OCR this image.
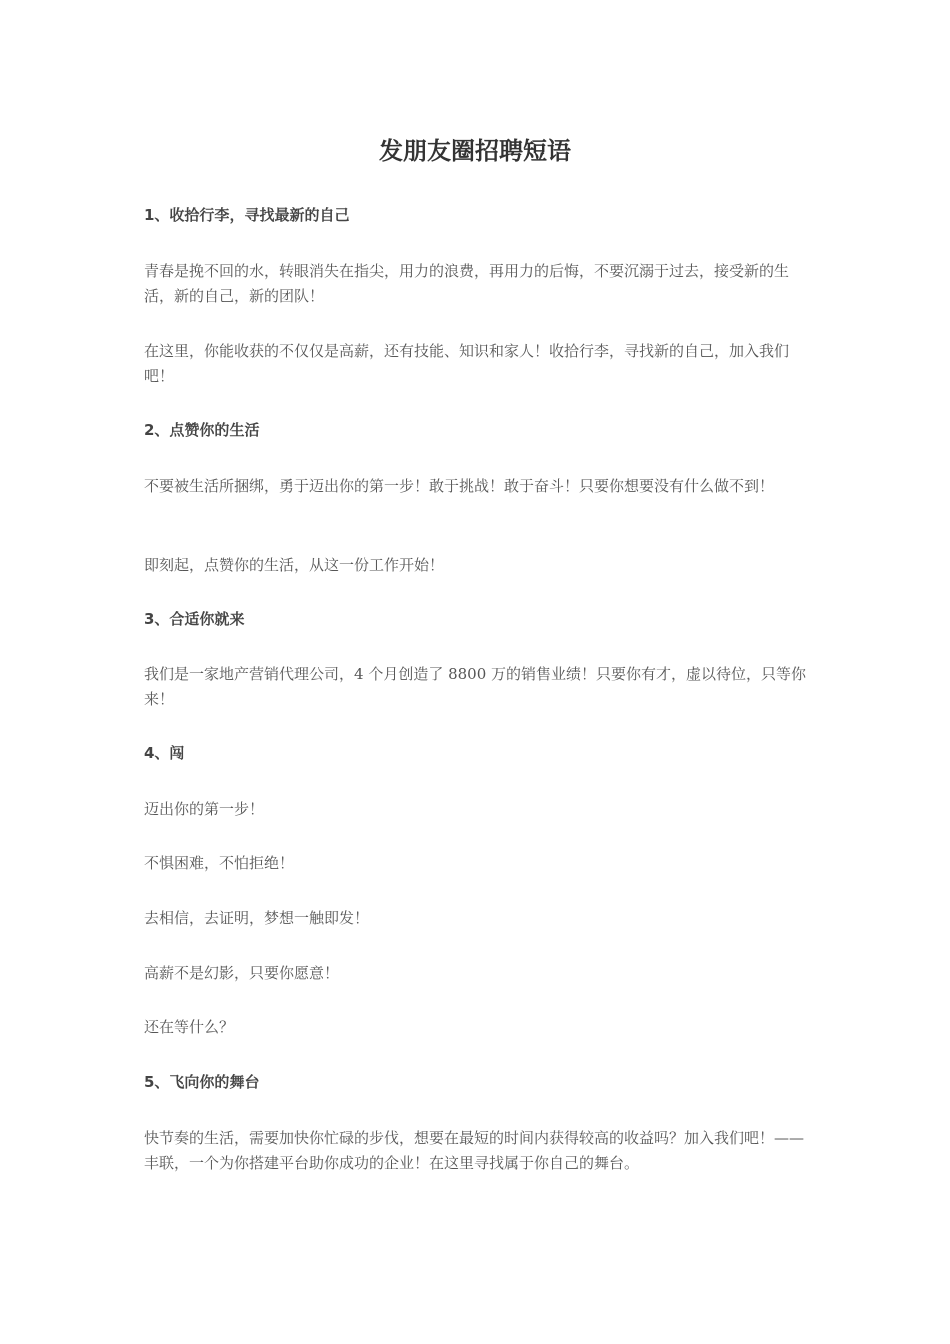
发朋友圈招聘短语
1、收拾行李，寻找最新的自己

青春是挽不回的水，转眼消失在指尖，用力的浪费，再用力的后悔，不要沉溺于过去，接受新的生活，新的自己，新的团队！

在这里，你能收获的不仅仅是高薪，还有技能、知识和家人！收拾行李，寻找新的自己，加入我们吧！

2、点赞你的生活

不要被生活所捆绑，勇于迈出你的第一步！敢于挑战！敢于奋斗！只要你想要没有什么做不到！

即刻起，点赞你的生活，从这一份工作开始！

3、合适你就来

我们是一家地产营销代理公司，4 个月创造了 8800 万的销售业绩！只要你有才，虚以待位，只等你来！

4、闯

迈出你的第一步！

不惧困难，不怕拒绝！

去相信，去证明，梦想一触即发！

高薪不是幻影，只要你愿意！

还在等什么？

5、飞向你的舞台

快节奏的生活，需要加快你忙碌的步伐，想要在最短的时间内获得较高的收益吗？加入我们吧！——丰联，一个为你搭建平台助你成功的企业！在这里寻找属于你自己的舞台。
